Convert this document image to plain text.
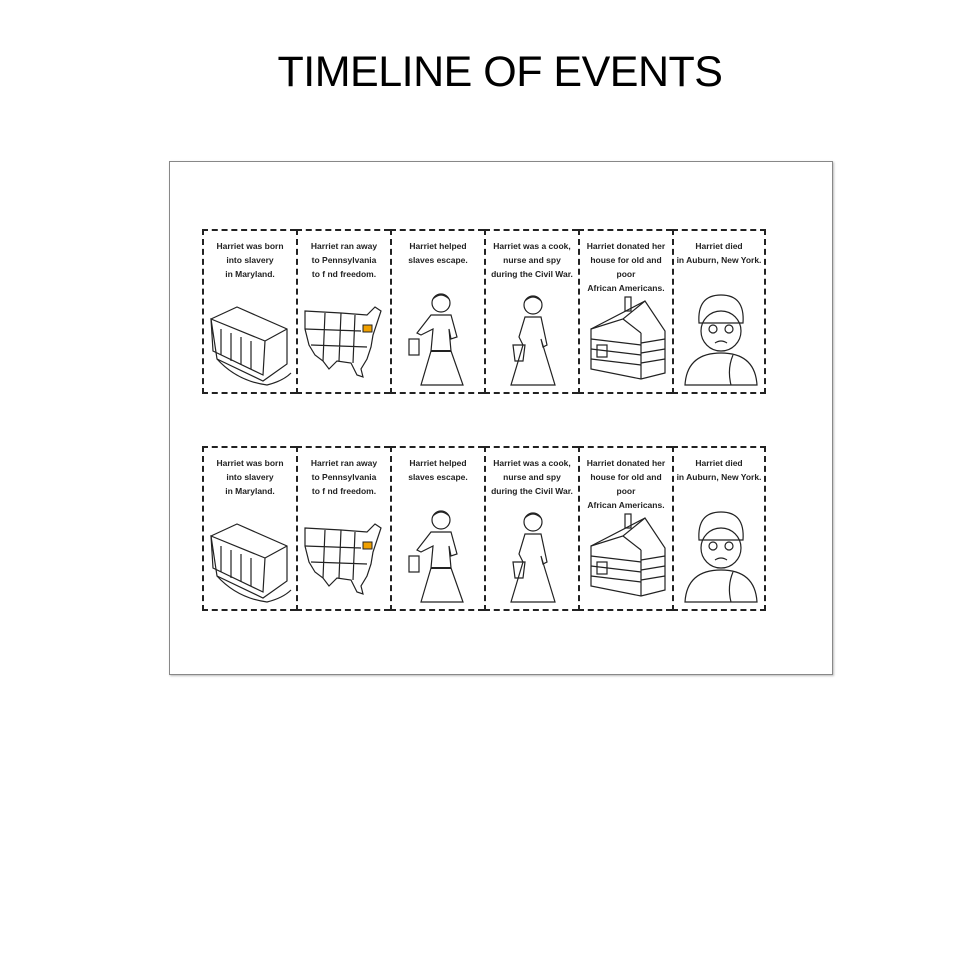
TIMELINE OF EVENTS
Harriet was born
into slavery
in Maryland.
Harriet ran away
to Pennsylvania
to f nd freedom.
Harriet helped
slaves escape.
Harriet was a cook,
nurse and spy
during the Civil War.
Harriet donated her
house for old and poor
African Americans.
Harriet died
in Auburn, New York.
Harriet was born
into slavery
in Maryland.
Harriet ran away
to Pennsylvania
to f nd freedom.
Harriet helped
slaves escape.
Harriet was a cook,
nurse and spy
during the Civil War.
Harriet donated her
house for old and poor
African Americans.
Harriet died
in Auburn, New York.
